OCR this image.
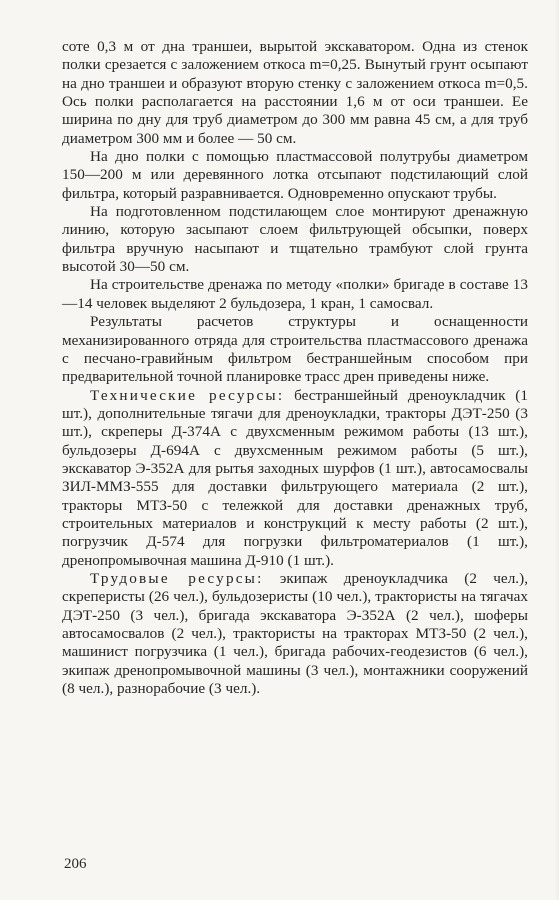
соте 0,3 м от дна траншеи, вырытой экскаватором. Одна из стенок полки срезается с заложением откоса m=0,25. Вынутый грунт осыпают на дно траншеи и образуют вторую стенку с заложением откоса m=0,5. Ось полки располагается на расстоянии 1,6 м от оси траншеи. Ее ширина по дну для труб диаметром до 300 мм равна 45 см, а для труб диаметром 300 мм и более — 50 см.

На дно полки с помощью пластмассовой полутрубы диаметром 150—200 м или деревянного лотка отсыпают подстилающий слой фильтра, который разравнивается. Одновременно опускают трубы.

На подготовленном подстилающем слое монтируют дренажную линию, которую засыпают слоем фильтрующей обсыпки, поверх фильтра вручную насыпают и тщательно трамбуют слой грунта высотой 30—50 см.

На строительстве дренажа по методу «полки» бригаде в составе 13—14 человек выделяют 2 бульдозера, 1 кран, 1 самосвал.

Результаты расчетов структуры и оснащенности механизированного отряда для строительства пластмассового дренажа с песчано-гравийным фильтром бестраншейным способом при предварительной точной планировке трасс дрен приведены ниже.

Технические ресурсы: бестраншейный дреноукладчик (1 шт.), дополнительные тягачи для дреноукладки, тракторы ДЭТ-250 (3 шт.), скреперы Д-374А с двухсменным режимом работы (13 шт.), бульдозеры Д-694А с двухсменным режимом работы (5 шт.), экскаватор Э-352А для рытья заходных шурфов (1 шт.), автосамосвалы ЗИЛ-ММЗ-555 для доставки фильтрующего материала (2 шт.), тракторы МТЗ-50 с тележкой для доставки дренажных труб, строительных материалов и конструкций к месту работы (2 шт.), погрузчик Д-574 для погрузки фильтроматериалов (1 шт.), дренопромывочная машина Д-910 (1 шт.).

Трудовые ресурсы: экипаж дреноукладчика (2 чел.), скреперисты (26 чел.), бульдозеристы (10 чел.), трактористы на тягачах ДЭТ-250 (3 чел.), бригада экскаватора Э-352А (2 чел.), шоферы автосамосвалов (2 чел.), трактористы на тракторах МТЗ-50 (2 чел.), машинист погрузчика (1 чел.), бригада рабочих-геодезистов (6 чел.), экипаж дренопромывочной машины (3 чел.), монтажники сооружений (8 чел.), разнорабочие (3 чел.).

206
